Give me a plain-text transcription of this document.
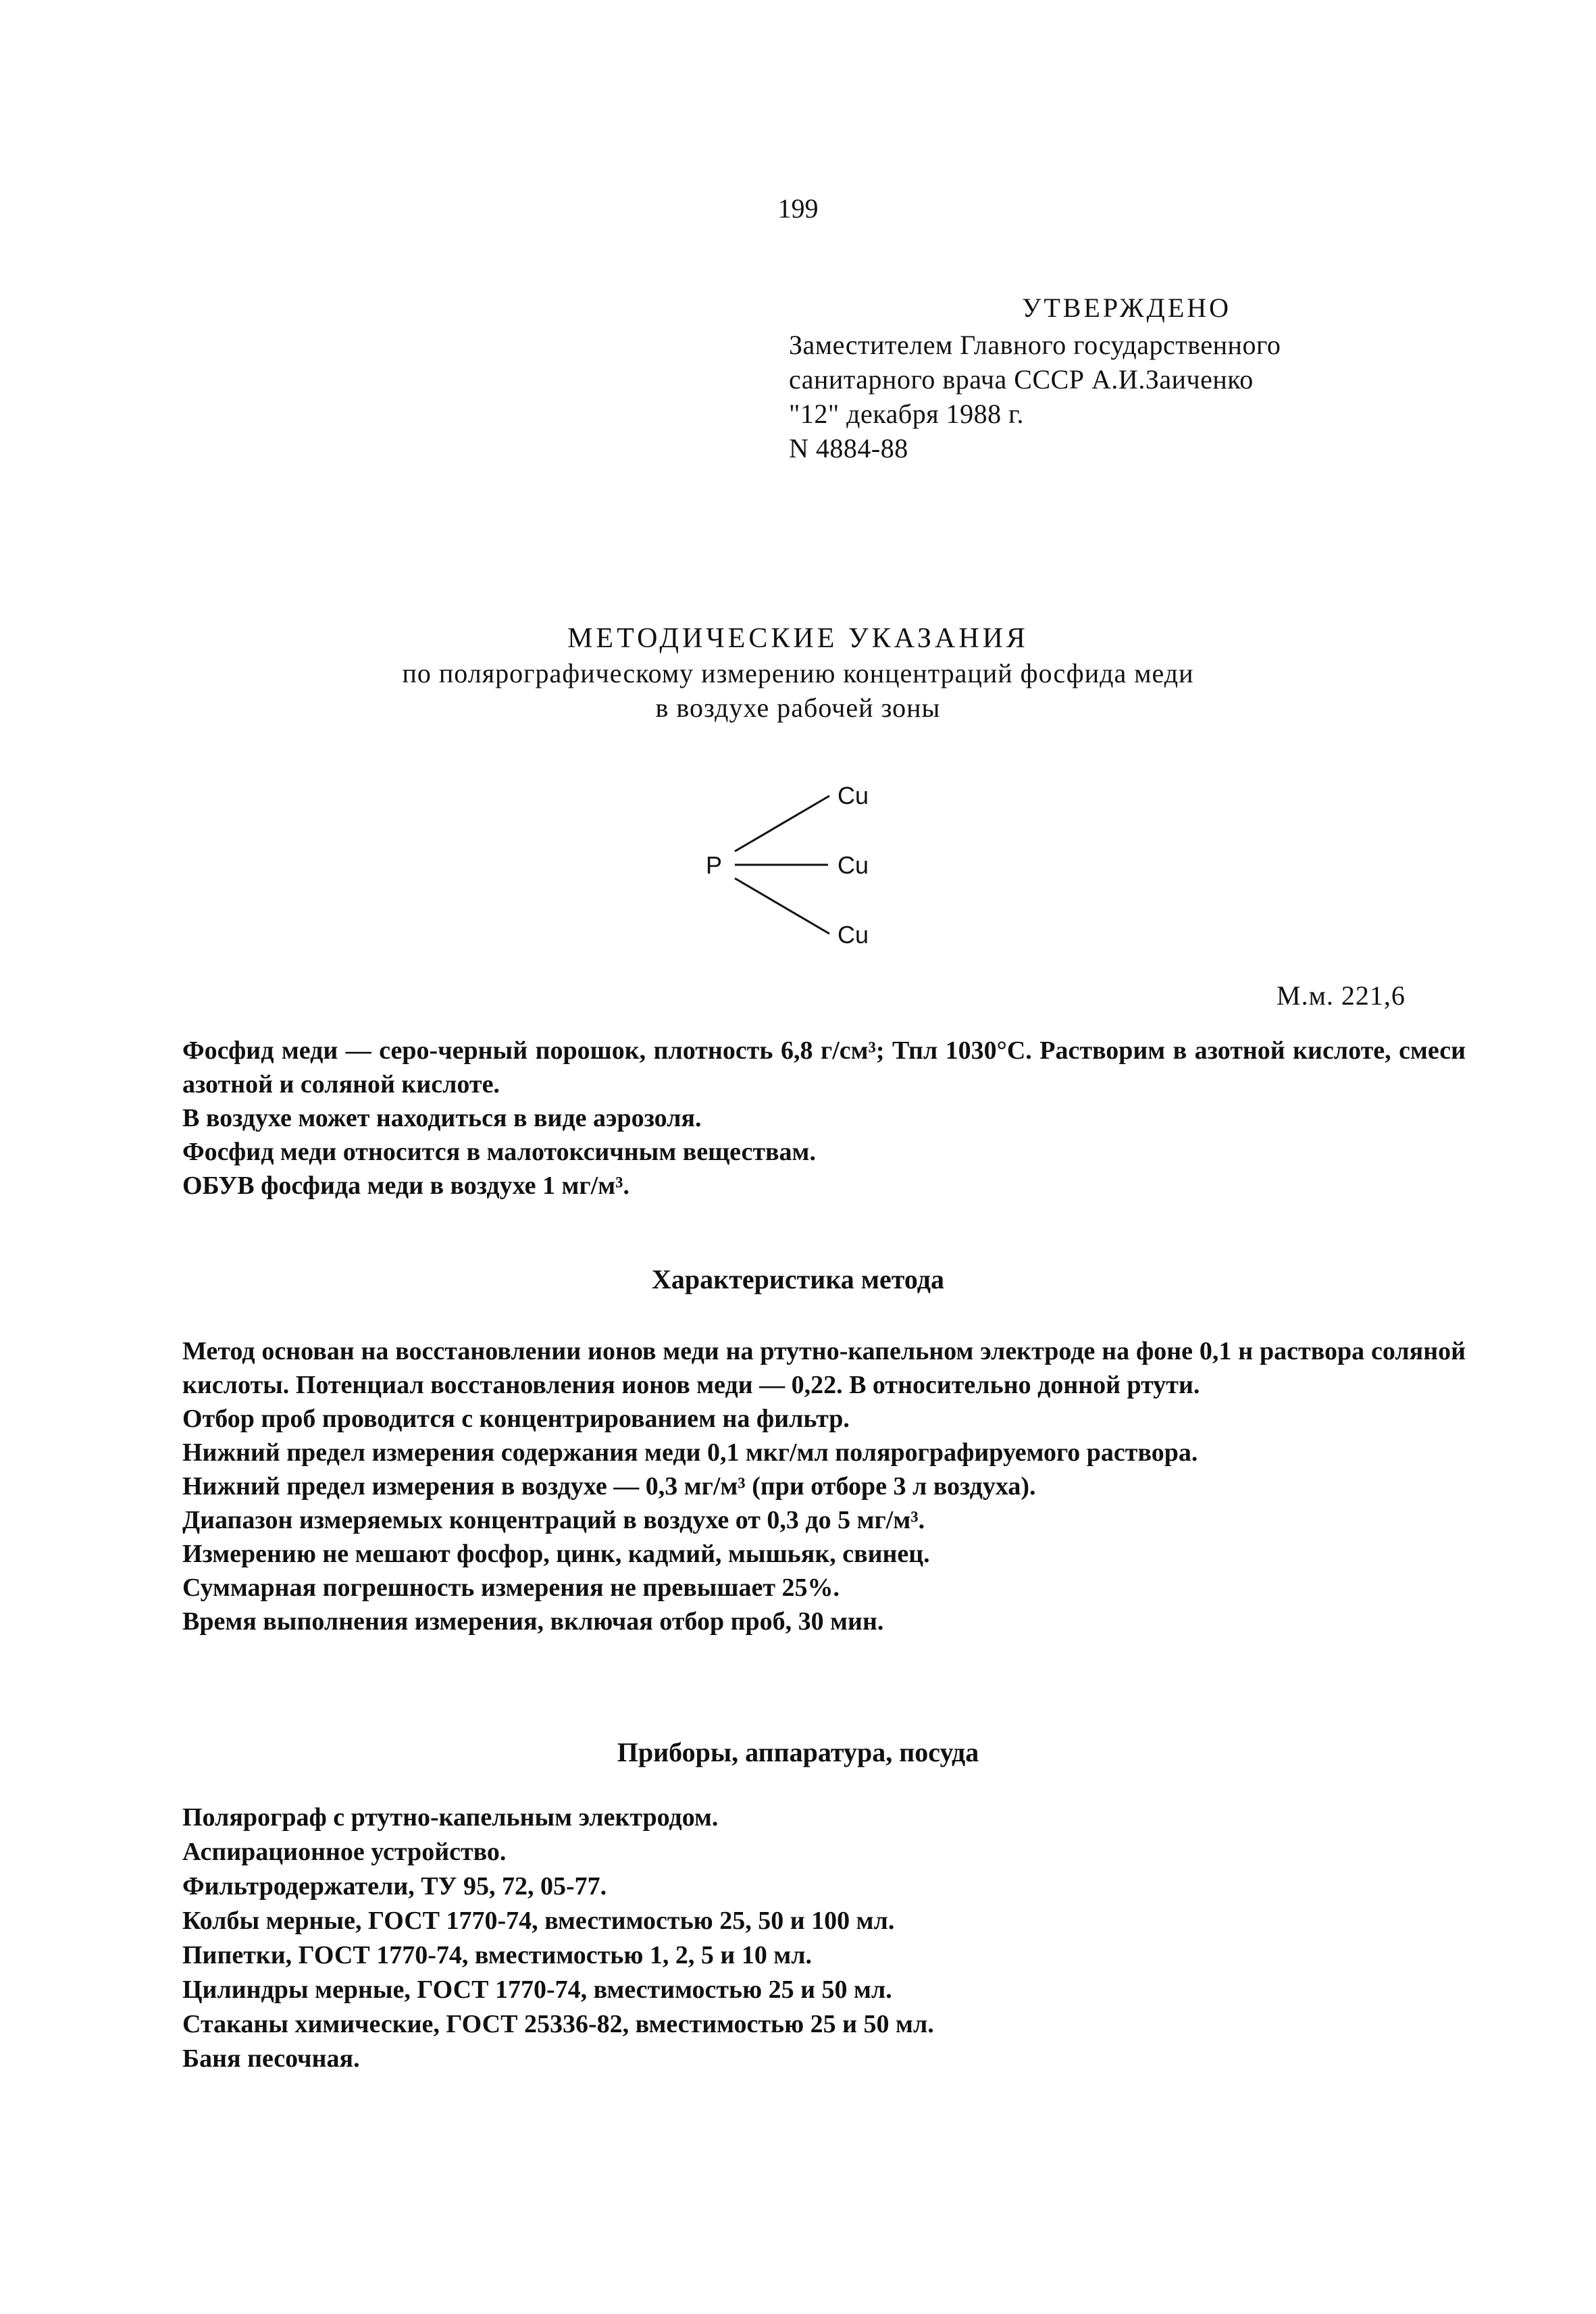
199
УТВЕРЖДЕНО
Заместителем Главного государственного
санитарного врача СССР А.И.Заиченко
"12" декабря 1988 г.
N 4884-88
МЕТОДИЧЕСКИЕ УКАЗАНИЯ
по полярографическому измерению концентраций фосфида меди
в воздухе рабочей зоны
P
Cu
Cu
Cu
М.м. 221,6
Фосфид меди — серо-черный порошок, плотность 6,8 г/см³; Тпл 1030°С. Растворим в азотной кислоте, смеси азотной и соляной кислоте.
В воздухе может находиться в виде аэрозоля.
Фосфид меди относится в малотоксичным веществам.
ОБУВ фосфида меди в воздухе 1 мг/м³.
Характеристика метода
Метод основан на восстановлении ионов меди на ртутно-капельном электроде на фоне 0,1 н раствора соляной кислоты. Потенциал восстановления ионов меди — 0,22. В относительно донной ртути.
Отбор проб проводится с концентрированием на фильтр.
Нижний предел измерения содержания меди 0,1 мкг/мл полярографируемого раствора.
Нижний предел измерения в воздухе — 0,3 мг/м³ (при отборе 3 л воздуха).
Диапазон измеряемых концентраций в воздухе от 0,3 до 5 мг/м³.
Измерению не мешают фосфор, цинк, кадмий, мышьяк, свинец.
Суммарная погрешность измерения не превышает 25%.
Время выполнения измерения, включая отбор проб, 30 мин.
Приборы, аппаратура, посуда
Полярограф с ртутно-капельным электродом.
Аспирационное устройство.
Фильтродержатели, ТУ 95, 72, 05-77.
Колбы мерные, ГОСТ 1770-74, вместимостью 25, 50 и 100 мл.
Пипетки, ГОСТ 1770-74, вместимостью 1, 2, 5 и 10 мл.
Цилиндры мерные, ГОСТ 1770-74, вместимостью 25 и 50 мл.
Стаканы химические, ГОСТ 25336-82, вместимостью 25 и 50 мл.
Баня песочная.
